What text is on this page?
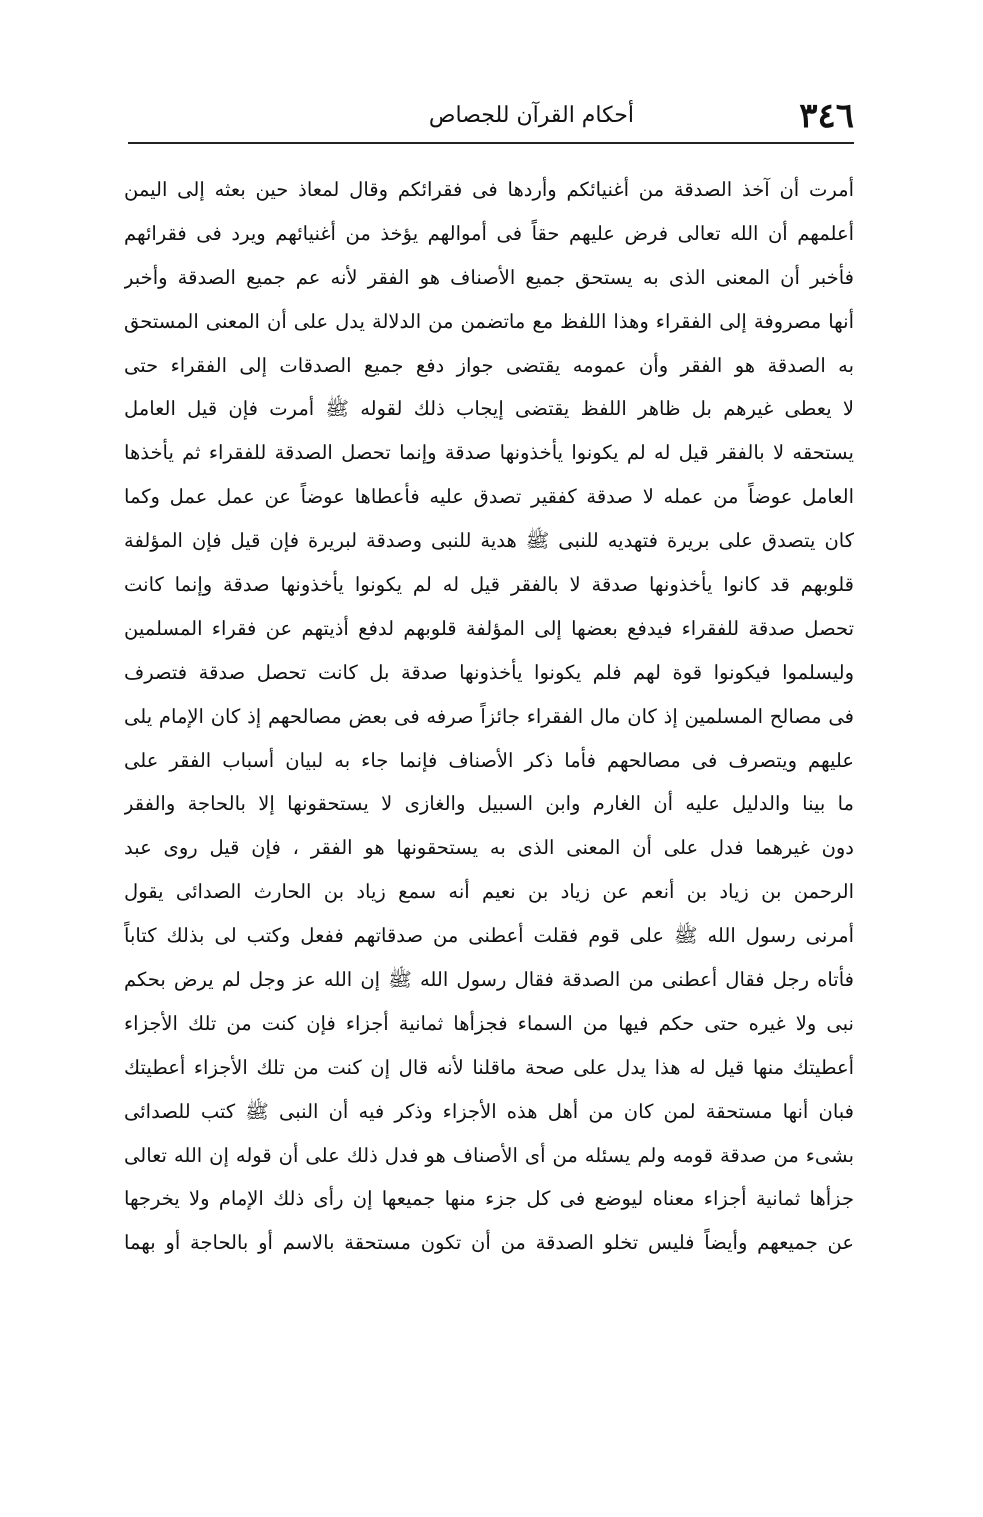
٣٤٦
أحكام القرآن للجصاص
أمرت أن آخذ الصدقة من أغنيائكم وأردها فى فقرائكم وقال لمعاذ حين بعثه إلى اليمن
أعلمهم أن الله تعالى فرض عليهم حقاً فى أموالهم يؤخذ من أغنيائهم ويرد فى فقرائهم
فأخبر أن المعنى الذى به يستحق جميع الأصناف هو الفقر لأنه عم جميع الصدقة وأخبر
أنها مصروفة إلى الفقراء وهذا اللفظ مع ماتضمن من الدلالة يدل على أن المعنى المستحق
به الصدقة هو الفقر وأن عمومه يقتضى جواز دفع جميع الصدقات إلى الفقراء حتى
لا يعطى غيرهم بل ظاهر اللفظ يقتضى إيجاب ذلك لقوله ﷺ أمرت فإن قيل العامل
يستحقه لا بالفقر قيل له لم يكونوا يأخذونها صدقة وإنما تحصل الصدقة للفقراء ثم يأخذها
العامل عوضاً من عمله لا صدقة كفقير تصدق عليه فأعطاها عوضاً عن عمل عمل وكما
كان يتصدق على بريرة فتهديه للنبى ﷺ هدية للنبى وصدقة لبريرة فإن قيل فإن المؤلفة
قلوبهم قد كانوا يأخذونها صدقة لا بالفقر قيل له لم يكونوا يأخذونها صدقة وإنما كانت
تحصل صدقة للفقراء فيدفع بعضها إلى المؤلفة قلوبهم لدفع أذيتهم عن فقراء المسلمين
وليسلموا فيكونوا قوة لهم فلم يكونوا يأخذونها صدقة بل كانت تحصل صدقة فتصرف
فى مصالح المسلمين إذ كان مال الفقراء جائزاً صرفه فى بعض مصالحهم إذ كان الإمام يلى
عليهم ويتصرف فى مصالحهم فأما ذكر الأصناف فإنما جاء به لبيان أسباب الفقر على
ما بينا والدليل عليه أن الغارم وابن السبيل والغازى لا يستحقونها إلا بالحاجة والفقر
دون غيرهما فدل على أن المعنى الذى به يستحقونها هو الفقر ، فإن قيل روى عبد
الرحمن بن زياد بن أنعم عن زياد بن نعيم أنه سمع زياد بن الحارث الصدائى يقول
أمرنى رسول الله ﷺ على قوم فقلت أعطنى من صدقاتهم ففعل وكتب لى بذلك كتاباً
فأتاه رجل فقال أعطنى من الصدقة فقال رسول الله ﷺ إن الله عز وجل لم يرض بحكم
نبى ولا غيره حتى حكم فيها من السماء فجزأها ثمانية أجزاء فإن كنت من تلك الأجزاء
أعطيتك منها قيل له هذا يدل على صحة ماقلنا لأنه قال إن كنت من تلك الأجزاء أعطيتك
فبان أنها مستحقة لمن كان من أهل هذه الأجزاء وذكر فيه أن النبى ﷺ كتب للصدائى
بشىء من صدقة قومه ولم يسئله من أى الأصناف هو فدل ذلك على أن قوله إن الله تعالى
جزأها ثمانية أجزاء معناه ليوضع فى كل جزء منها جميعها إن رأى ذلك الإمام ولا يخرجها
عن جميعهم وأيضاً فليس تخلو الصدقة من أن تكون مستحقة بالاسم أو بالحاجة أو بهما
